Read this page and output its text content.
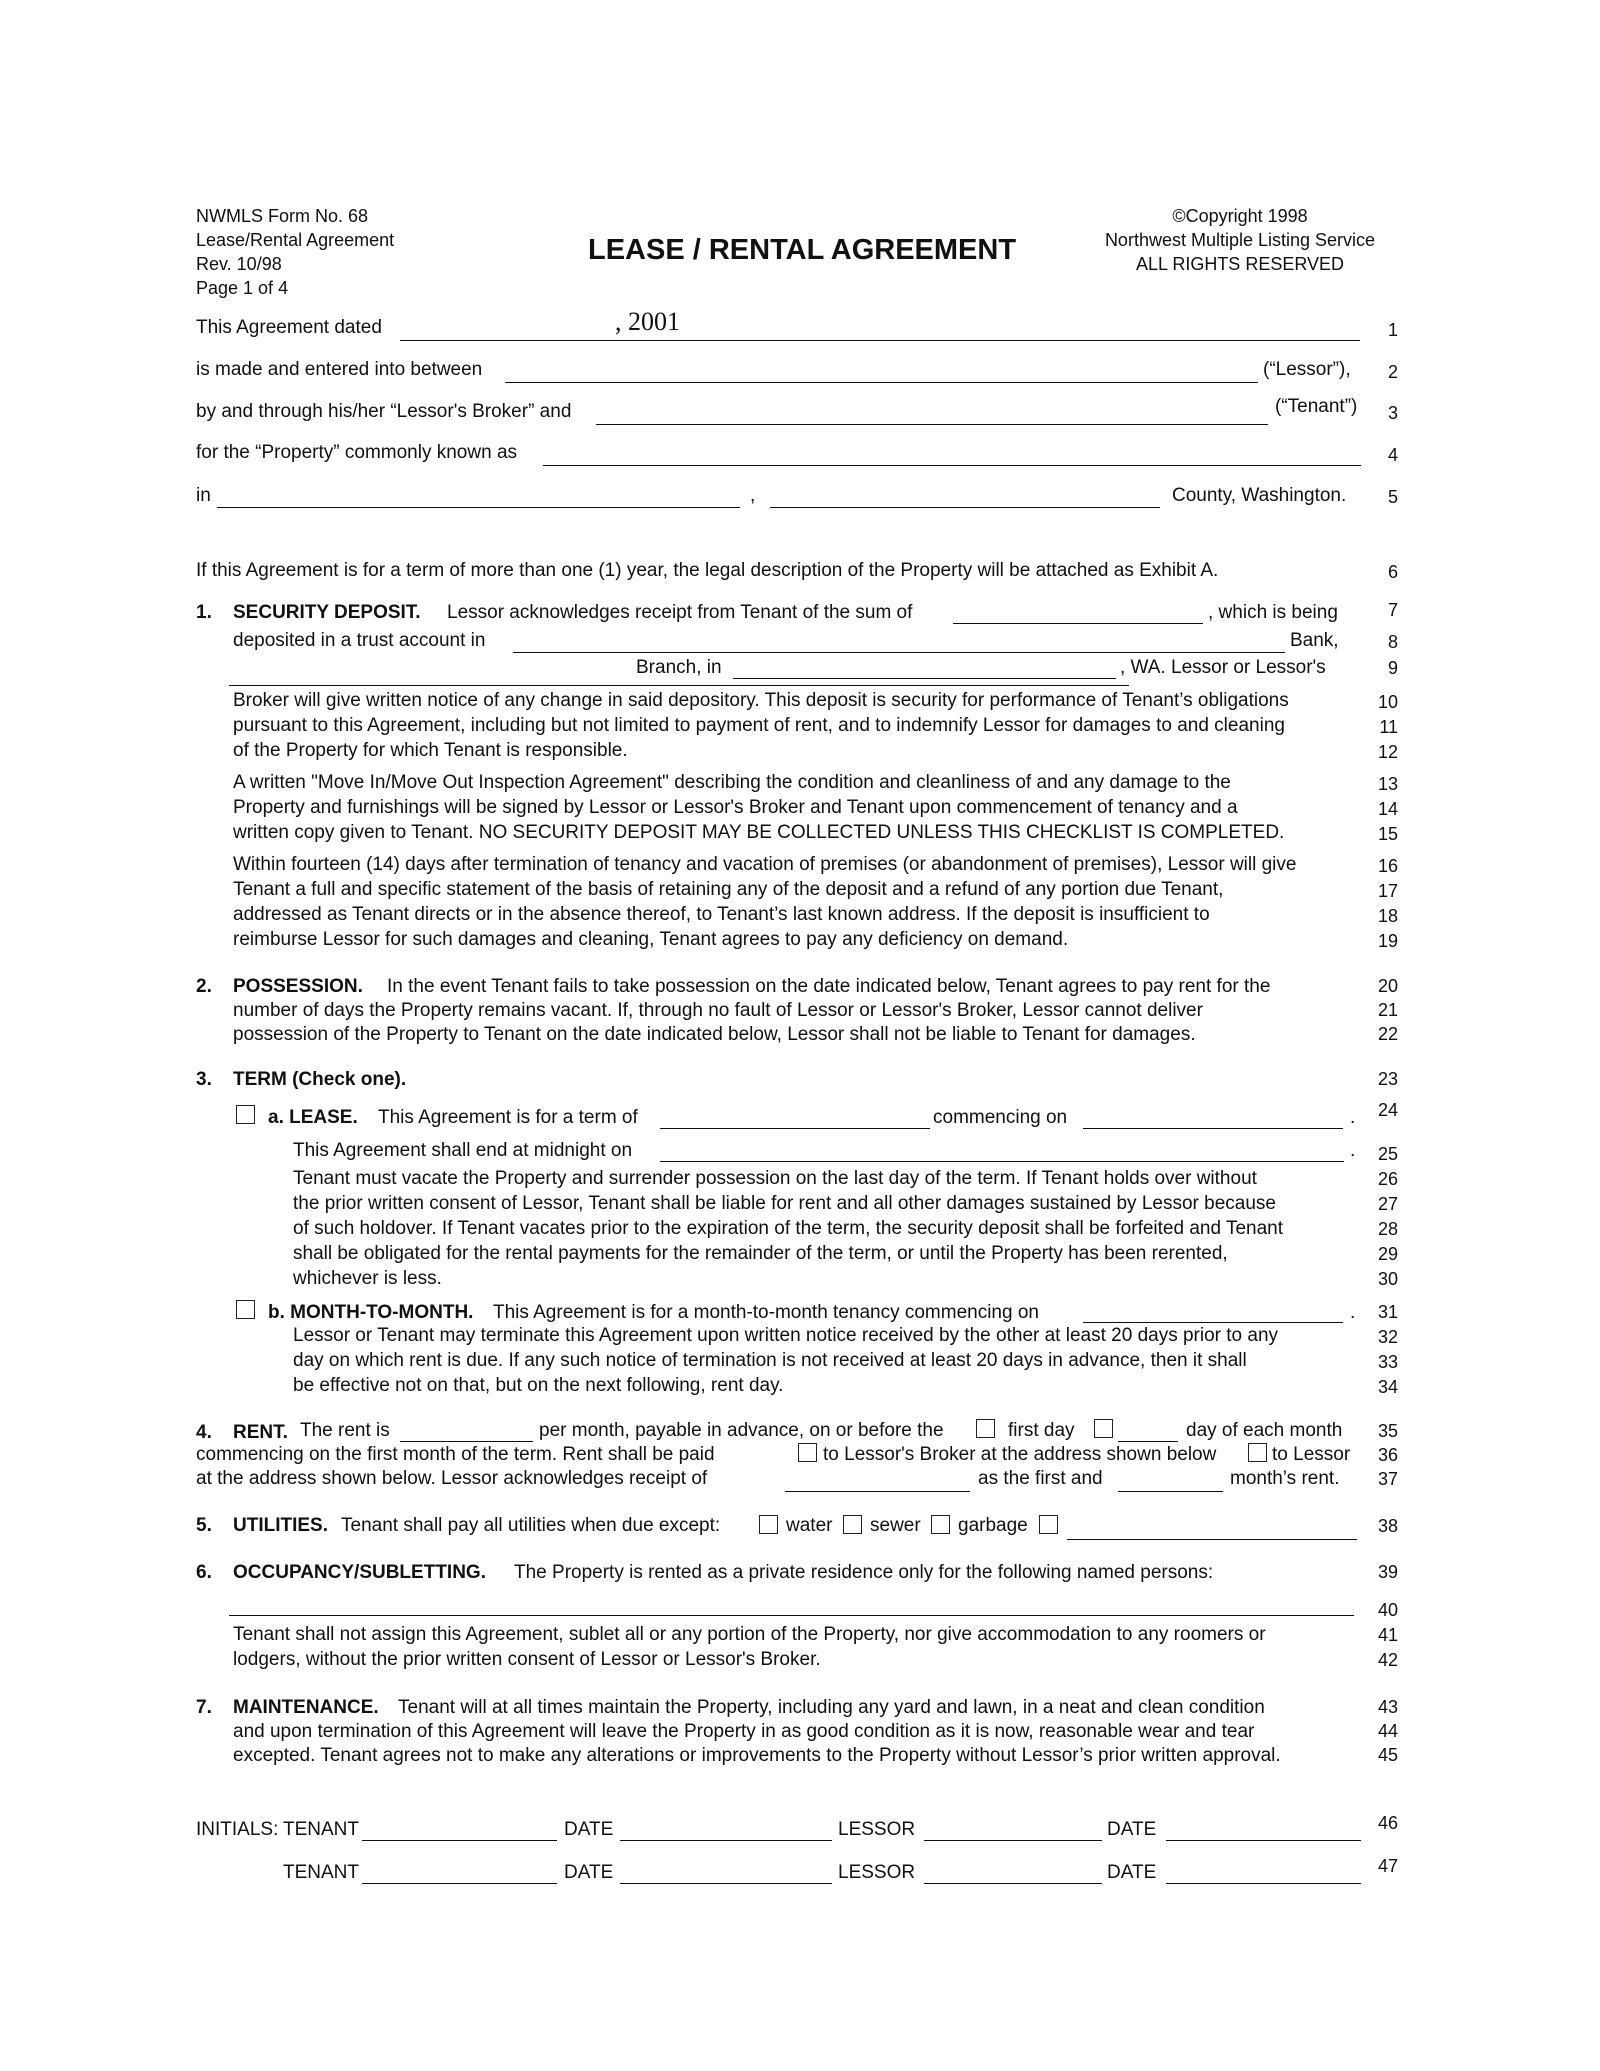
NWMLS Form No. 68
Lease/Rental Agreement
Rev. 10/98
Page 1 of 4
LEASE / RENTAL AGREEMENT
©Copyright 1998
Northwest Multiple Listing Service
ALL RIGHTS RESERVED
This Agreement dated	, 2001
is made and entered into between	(“Lessor”),
by and through his/her “Lessor's Broker” and	(“Tenant”)
for the “Property” commonly known as
in	,	County, Washington.
If this Agreement is for a term of more than one (1) year, the legal description of the Property will be attached as Exhibit A.
1. SECURITY DEPOSIT. Lessor acknowledges receipt from Tenant of the sum of	, which is being
deposited in a trust account in	Bank,
Branch, in	, WA. Lessor or Lessor's
Broker will give written notice of any change in said depository. This deposit is security for performance of Tenant’s obligations
pursuant to this Agreement, including but not limited to payment of rent, and to indemnify Lessor for damages to and cleaning
of the Property for which Tenant is responsible.
A written "Move In/Move Out Inspection Agreement" describing the condition and cleanliness of and any damage to the
Property and furnishings will be signed by Lessor or Lessor's Broker and Tenant upon commencement of tenancy and a
written copy given to Tenant. NO SECURITY DEPOSIT MAY BE COLLECTED UNLESS THIS CHECKLIST IS COMPLETED.
Within fourteen (14) days after termination of tenancy and vacation of premises (or abandonment of premises), Lessor will give
Tenant a full and specific statement of the basis of retaining any of the deposit and a refund of any portion due Tenant,
addressed as Tenant directs or in the absence thereof, to Tenant’s last known address. If the deposit is insufficient to
reimburse Lessor for such damages and cleaning, Tenant agrees to pay any deficiency on demand.
2. POSSESSION. In the event Tenant fails to take possession on the date indicated below, Tenant agrees to pay rent for the
number of days the Property remains vacant. If, through no fault of Lessor or Lessor's Broker, Lessor cannot deliver
possession of the Property to Tenant on the date indicated below, Lessor shall not be liable to Tenant for damages.
3. TERM (Check one).
a. LEASE. This Agreement is for a term of	commencing on	.
This Agreement shall end at midnight on	.
Tenant must vacate the Property and surrender possession on the last day of the term. If Tenant holds over without
the prior written consent of Lessor, Tenant shall be liable for rent and all other damages sustained by Lessor because
of such holdover. If Tenant vacates prior to the expiration of the term, the security deposit shall be forfeited and Tenant
shall be obligated for the rental payments for the remainder of the term, or until the Property has been rerented,
whichever is less.
b. MONTH-TO-MONTH. This Agreement is for a month-to-month tenancy commencing on	.
Lessor or Tenant may terminate this Agreement upon written notice received by the other at least 20 days prior to any
day on which rent is due. If any such notice of termination is not received at least 20 days in advance, then it shall
be effective not on that, but on the next following, rent day.
4. RENT. The rent is	per month, payable in advance, on or before the	first day	day of each month
commencing on the first month of the term. Rent shall be paid	to Lessor's Broker at the address shown below	to Lessor
at the address shown below. Lessor acknowledges receipt of	as the first and	month’s rent.
5. UTILITIES. Tenant shall pay all utilities when due except:	water sewer garbage
6. OCCUPANCY/SUBLETTING. The Property is rented as a private residence only for the following named persons:
Tenant shall not assign this Agreement, sublet all or any portion of the Property, nor give accommodation to any roomers or
lodgers, without the prior written consent of Lessor or Lessor's Broker.
7. MAINTENANCE. Tenant will at all times maintain the Property, including any yard and lawn, in a neat and clean condition
and upon termination of this Agreement will leave the Property in as good condition as it is now, reasonable wear and tear
excepted. Tenant agrees not to make any alterations or improvements to the Property without Lessor’s prior written approval.
INITIALS: TENANT	DATE	LESSOR	DATE
TENANT	DATE	LESSOR	DATE
1
2
3
4
5
6
7
8
9
10
11
12
13
14
15
16
17
18
19
20
21
22
23
24
25
26
27
28
29
30
31
32
33
34
35
36
37
38
39
40
41
42
43
44
45
46
47
